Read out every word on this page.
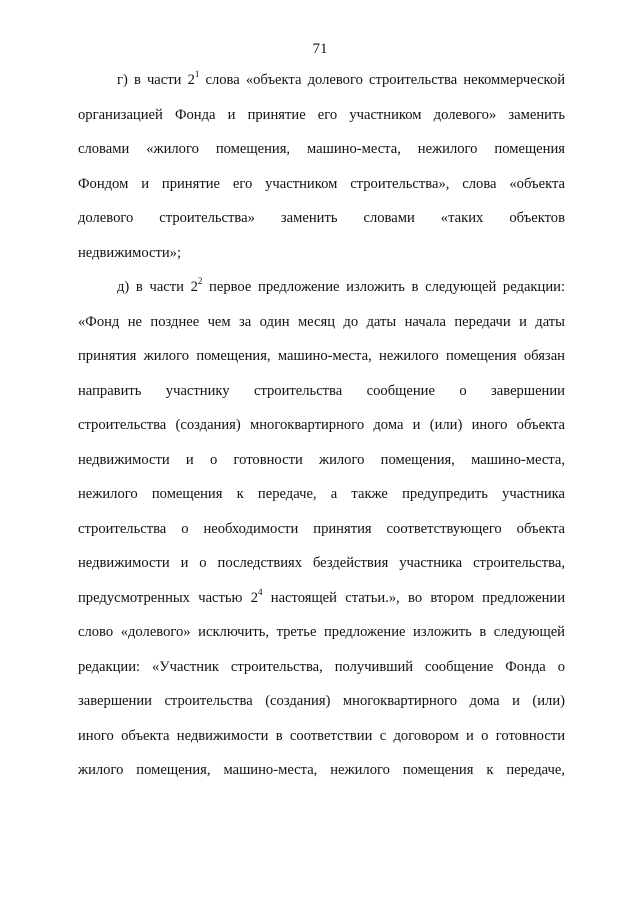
71
г) в части $2^1$ слова «объекта долевого строительства некоммерческой
организацией Фонда и принятие его участником долевого» заменить
словами «жилого помещения, машино-места, нежилого помещения
Фондом и принятие его участником строительства», слова «объекта
долевого строительства» заменить словами «таких объектов
недвижимости»;
д) в части $2^2$ первое предложение изложить в следующей редакции:
«Фонд не позднее чем за один месяц до даты начала передачи и даты
принятия жилого помещения, машино-места, нежилого помещения обязан
направить участнику строительства сообщение о завершении
строительства (создания) многоквартирного дома и (или) иного объекта
недвижимости и о готовности жилого помещения, машино-места,
нежилого помещения к передаче, а также предупредить участника
строительства о необходимости принятия соответствующего объекта
недвижимости и о последствиях бездействия участника строительства,
предусмотренных частью $2^4$ настоящей статьи.», во втором предложении
слово «долевого» исключить, третье предложение изложить в следующей
редакции: «Участник строительства, получивший сообщение Фонда о
завершении строительства (создания) многоквартирного дома и (или)
иного объекта недвижимости в соответствии с договором и о готовности
жилого помещения, машино-места, нежилого помещения к передаче,
